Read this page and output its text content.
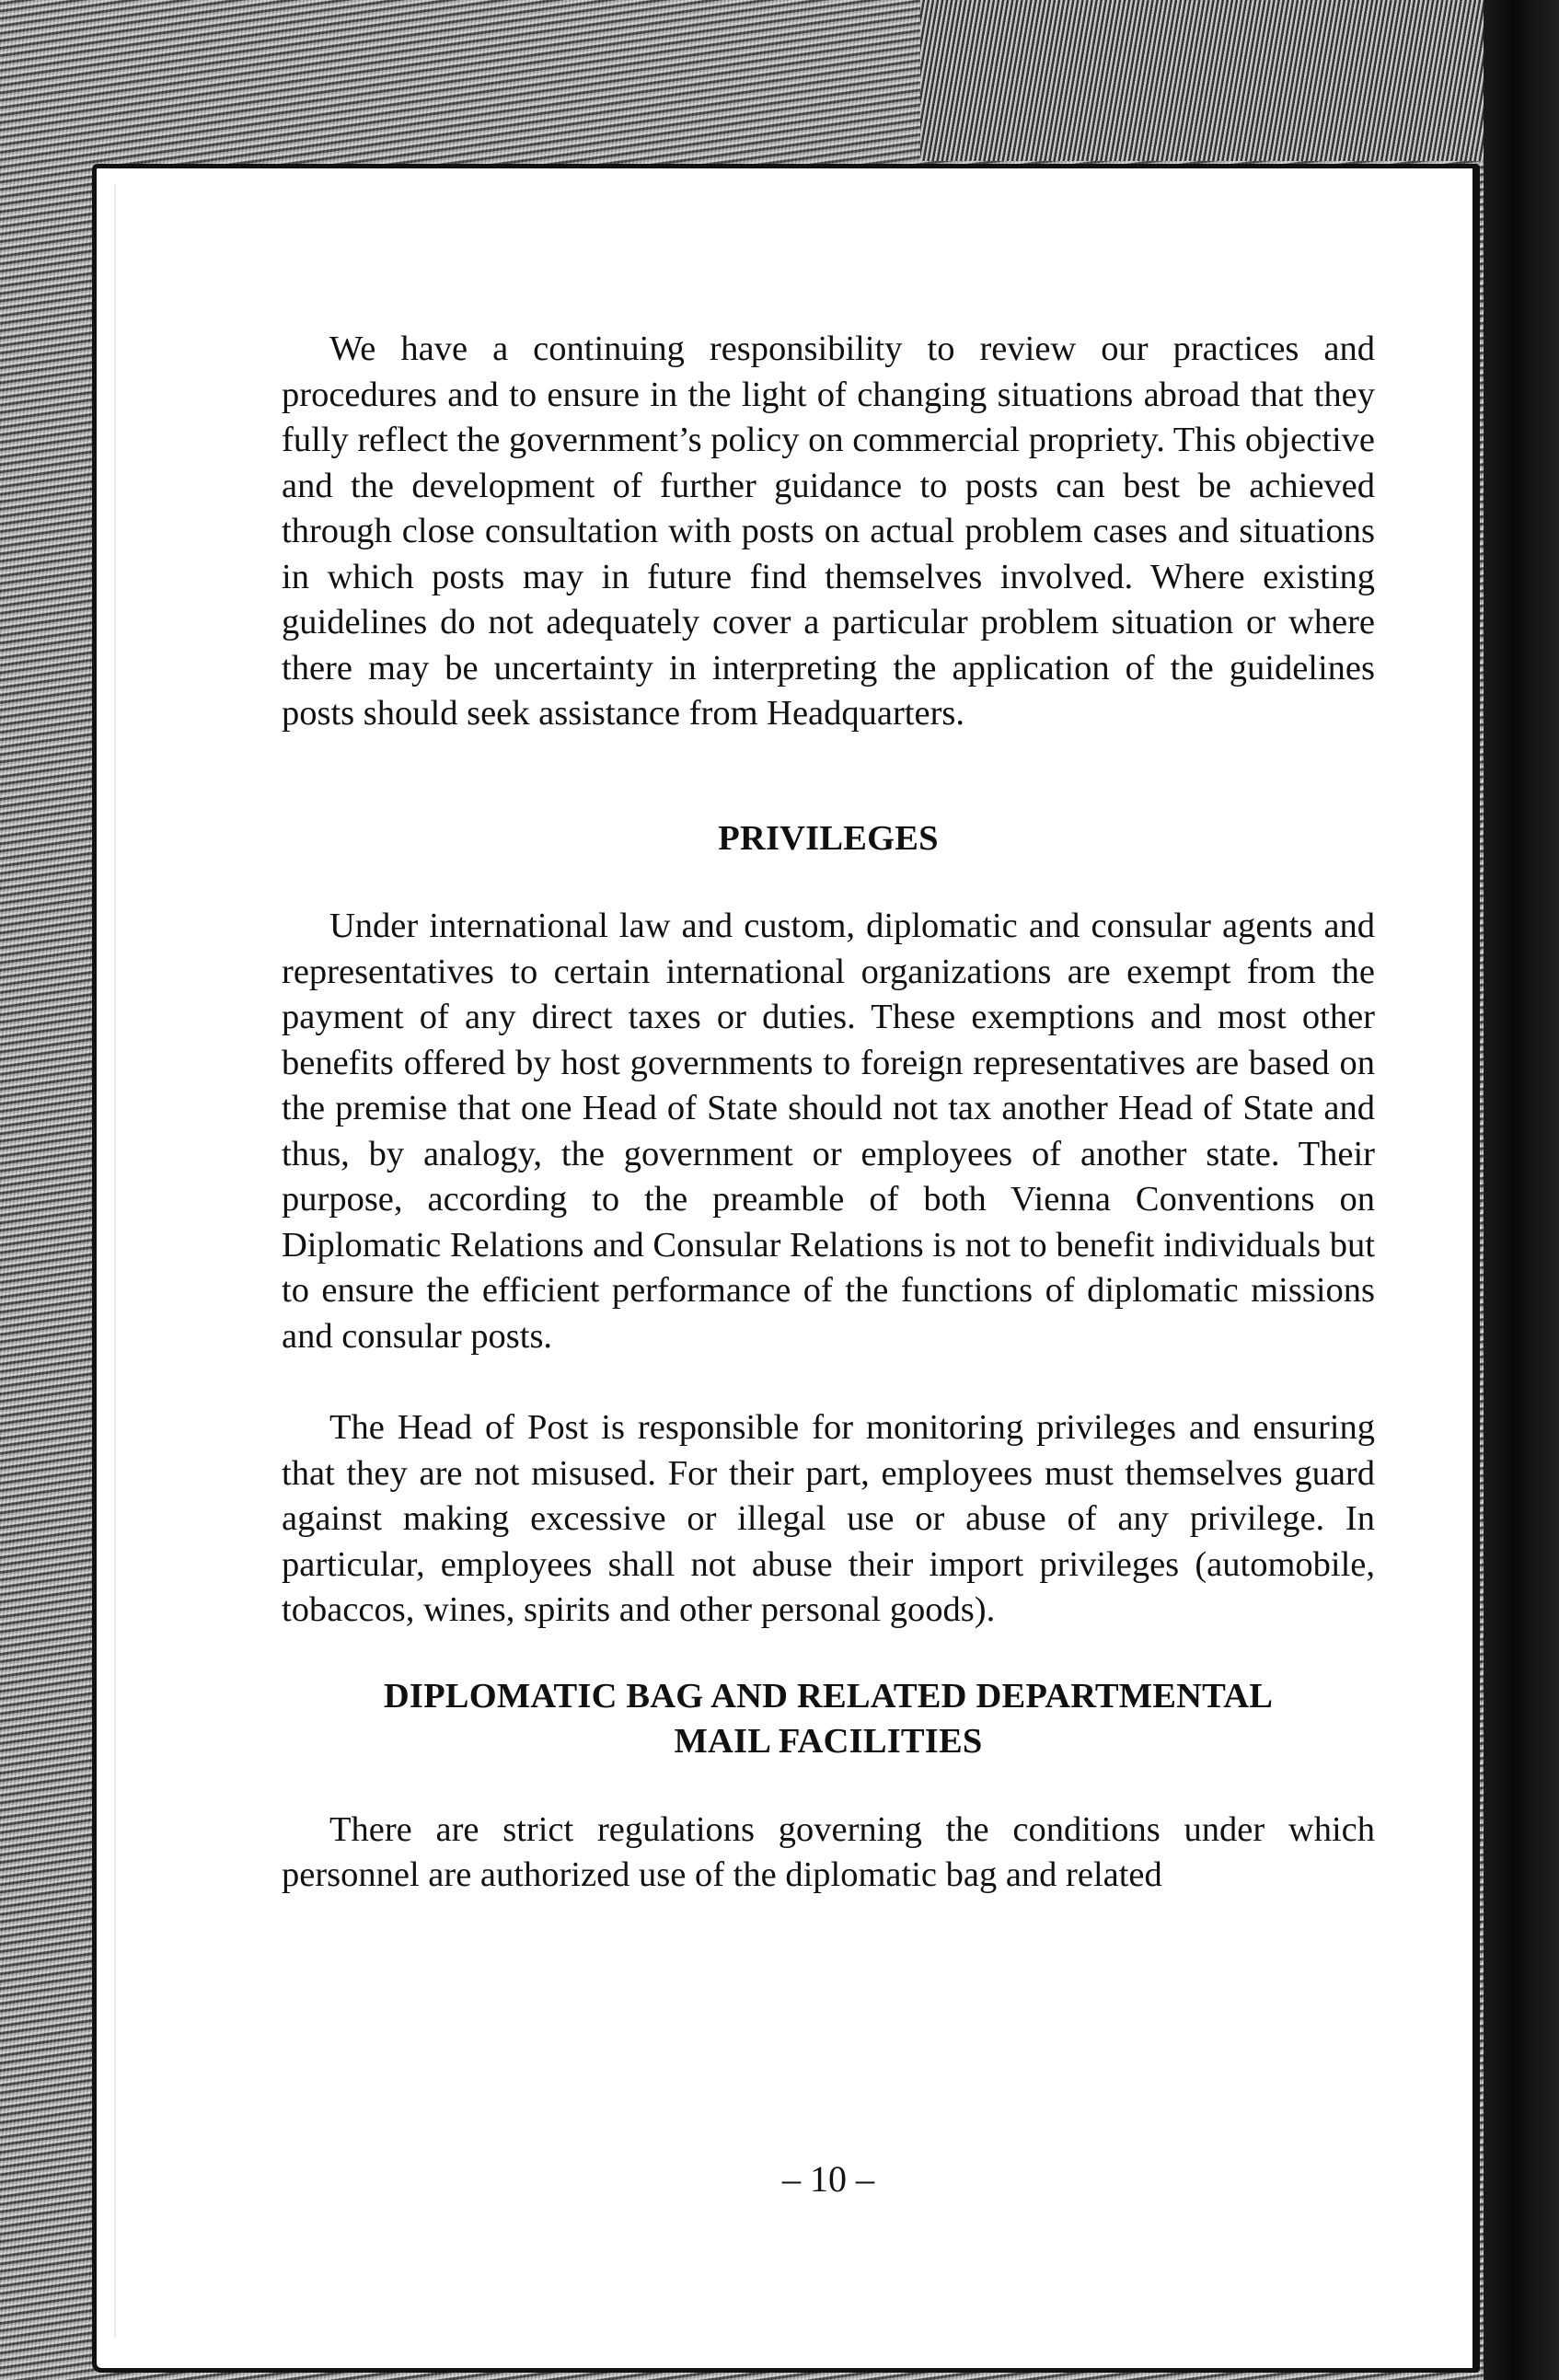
We have a continuing responsibility to review our practices and procedures and to ensure in the light of changing situations abroad that they fully reflect the government’s policy on commercial propriety. This objective and the development of further guidance to posts can best be achieved through close consultation with posts on actual problem cases and situations in which posts may in future find themselves involved. Where existing guidelines do not adequately cover a particular problem situation or where there may be uncertainty in interpreting the application of the guidelines posts should seek assistance from Headquarters.

PRIVILEGES

Under international law and custom, diplomatic and consular agents and representatives to certain international organizations are exempt from the payment of any direct taxes or duties. These exemptions and most other benefits offered by host governments to foreign representatives are based on the premise that one Head of State should not tax another Head of State and thus, by analogy, the government or employees of another state. Their purpose, according to the preamble of both Vienna Conventions on Diplomatic Relations and Consular Relations is not to benefit individuals but to ensure the efficient performance of the functions of diplomatic missions and consular posts.

The Head of Post is responsible for monitoring privileges and ensuring that they are not misused. For their part, employees must themselves guard against making excessive or illegal use or abuse of any privilege. In particular, employees shall not abuse their import privileges (automobile, tobaccos, wines, spirits and other personal goods).

DIPLOMATIC BAG AND RELATED DEPARTMENTAL
MAIL FACILITIES

There are strict regulations governing the conditions under which personnel are authorized use of the diplomatic bag and related

– 10 –
